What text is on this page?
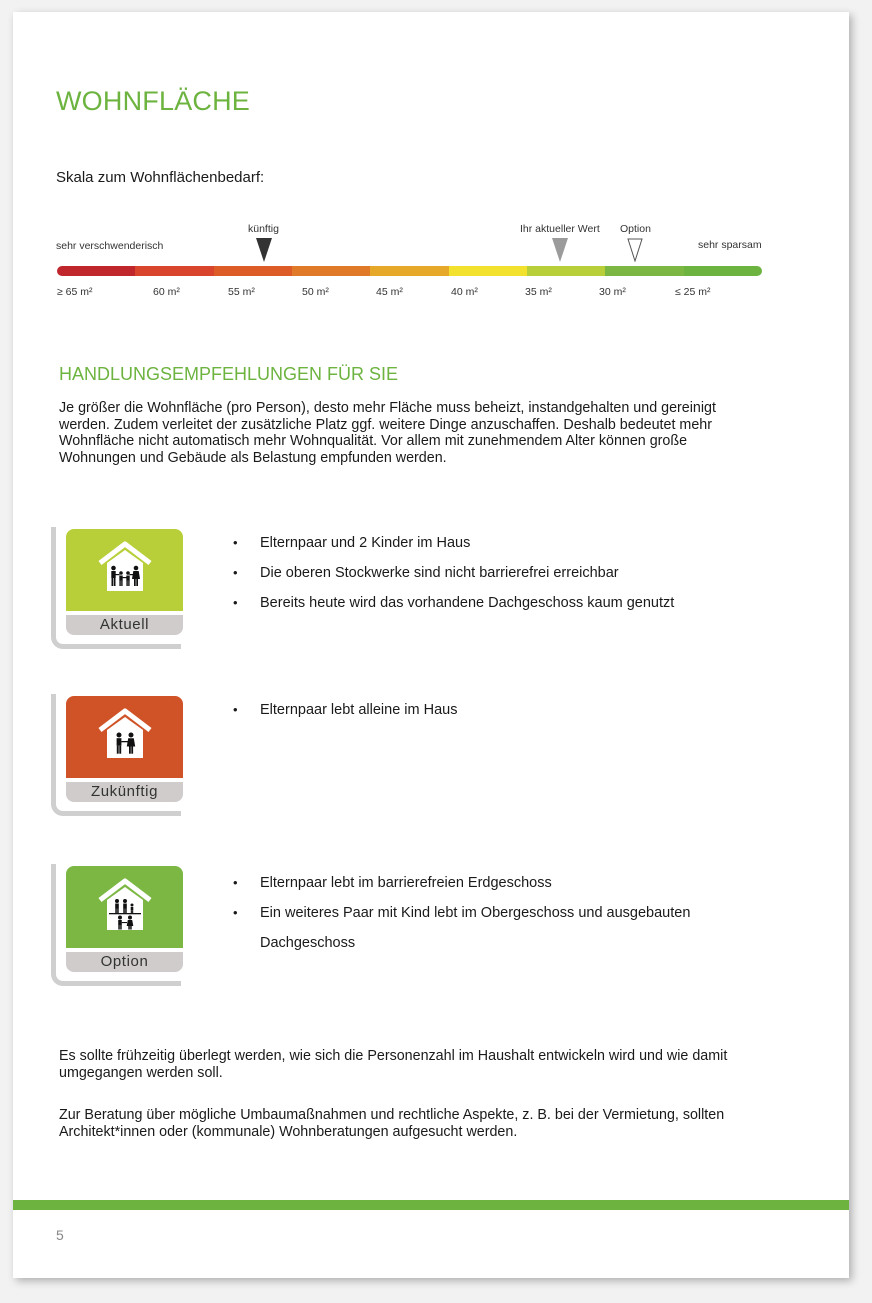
WOHNFLÄCHE
Skala zum Wohnflächenbedarf:
sehr verschwenderisch	sehr sparsam
künftig	Ihr aktueller Wert Option
≥ 65 m²	60 m²	55 m²	50 m²	45 m²	40 m²	35 m²	30 m²	≤ 25 m²
HANDLUNGSEMPFEHLUNGEN FÜR SIE

Je größer die Wohnfläche (pro Person), desto mehr Fläche muss beheizt, instandgehalten und gereinigt werden. Zudem verleitet der zusätzliche Platz ggf. weitere Dinge anzuschaffen. Deshalb bedeutet mehr Wohnfläche nicht automatisch mehr Wohnqualität. Vor allem mit zunehmendem Alter können große Wohnungen und Gebäude als Belastung empfunden werden.

Aktuell
• Elternpaar und 2 Kinder im Haus
• Die oberen Stockwerke sind nicht barrierefrei erreichbar
• Bereits heute wird das vorhandene Dachgeschoss kaum genutzt
Zukünftig
• Elternpaar lebt alleine im Haus
Option
• Elternpaar lebt im barrierefreien Erdgeschoss
• Ein weiteres Paar mit Kind lebt im Obergeschoss und ausgebauten Dachgeschoss

Es sollte frühzeitig überlegt werden, wie sich die Personenzahl im Haushalt entwickeln wird und wie damit umgegangen werden soll.

Zur Beratung über mögliche Umbaumaßnahmen und rechtliche Aspekte, z. B. bei der Vermietung, sollten Architekt*innen oder (kommunale) Wohnberatungen aufgesucht werden.

5
